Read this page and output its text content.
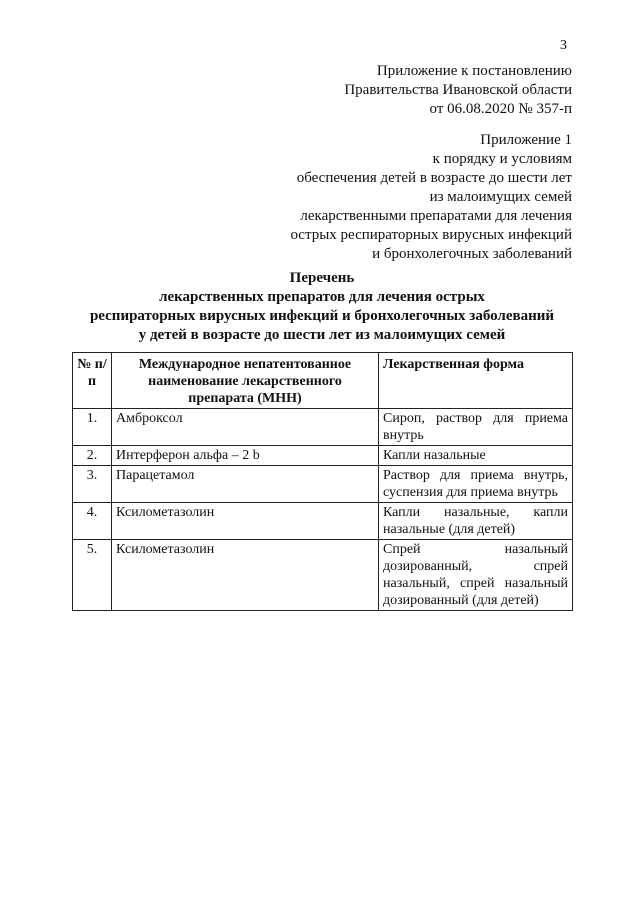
3
Приложение к постановлению
Правительства Ивановской области
от 06.08.2020 № 357-п
Приложение 1
к порядку и условиям
обеспечения детей в возрасте до шести лет
из малоимущих семей
лекарственными препаратами для лечения
острых респираторных вирусных инфекций
и бронхолегочных заболеваний
Перечень
лекарственных препаратов для лечения острых
респираторных вирусных инфекций и бронхолегочных заболеваний
у детей в возрасте до шести лет из малоимущих семей
№ п/п	Международное непатентованное наименование лекарственного препарата (МНН)	Лекарственная форма
1.	Амброксол	Сироп, раствор для приема внутрь
2.	Интерферон альфа – 2 b	Капли назальные
3.	Парацетамол	Раствор для приема внутрь, суспензия для приема внутрь
4.	Ксилометазолин	Капли назальные, капли назальные (для детей)
5.	Ксилометазолин	Спрей назальный дозированный, спрей назальный, спрей назальный дозированный (для детей)
